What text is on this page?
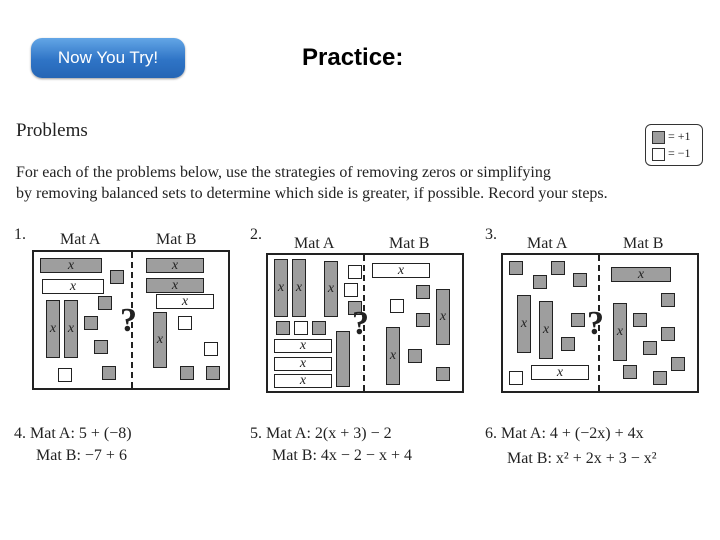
Now You Try!	Practice:
Problems	= +1
= −1
For each of the problems below, use the strategies of removing zeros or simplifying
by removing balanced sets to determine which side is greater, if possible. Record your steps.
1. Mat A	Mat B
x
x
x x ?
x
x
x
x
2.
Mat A	Mat B
x x x
x
x
x
?
x
x
x
3.
Mat A	Mat B
x x
x
?
x
x
4. Mat A: 5 + (−8)
Mat B: −7 + 6
5. Mat A: 2(x + 3) − 2
Mat B: 4x − 2 − x + 4
6. Mat A: 4 + (−2x) + 4x
Mat B: x² + 2x + 3 − x²
